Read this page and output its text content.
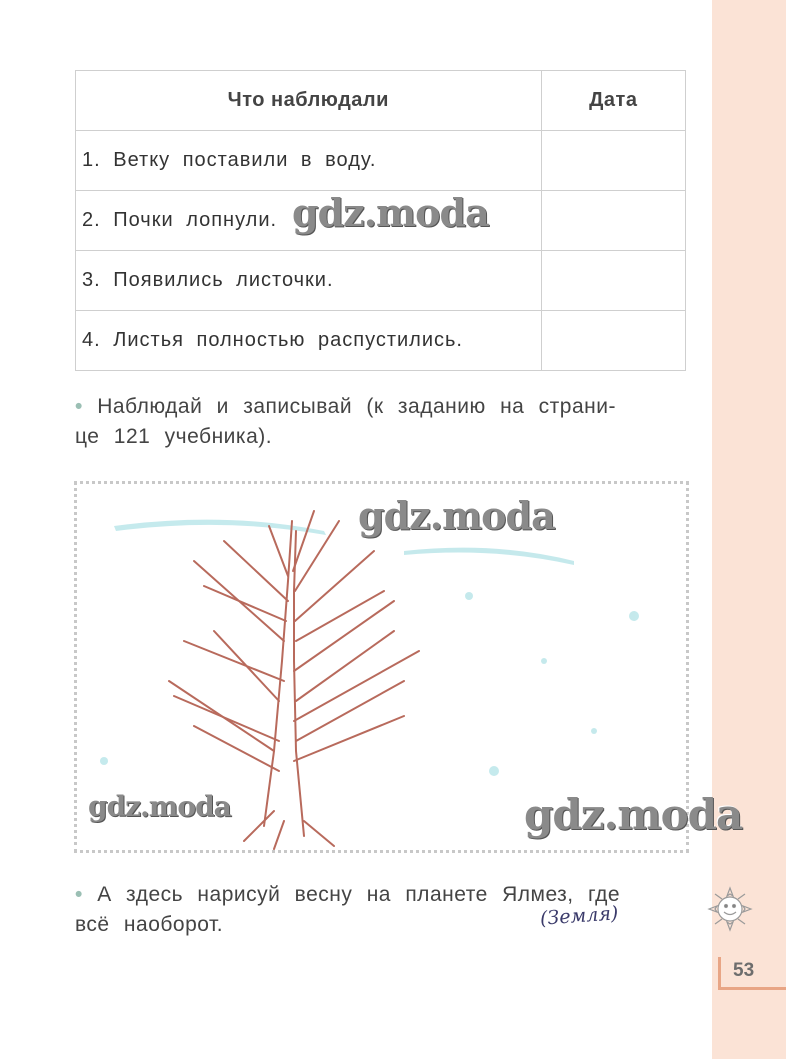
53
Что наблюдали	Дата
1. Ветку поставили в воду.	
2. Почки лопнули.	
3. Появились листочки.	
4. Листья полностью распустились.	
• Наблюдай и записывай (к заданию на страни-
це 121 учебника).
gdz.moda
gdz.moda
gdz.moda	gdz.moda
• А здесь нарисуй весну на планете Ялмез, где
всё наоборот.	(Земля)
